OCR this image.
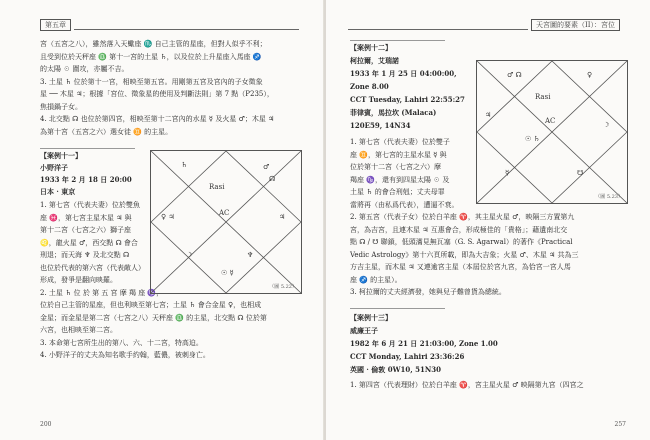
第五章
宮（五宮之八），雖然落入天蠍座 ♏ 自己主管的星座，但對人似乎不利；
且受到位於天秤座 ♎ 第十一宮的土星 ♄，以及位於上升星座入馬座 ♐
的太陽 ☉ 圍攻，亦屬不吉。
3. 土星 ♄ 位於第十一宮，相映至第五宮。用剛第五宮及宮內的子女徵象
星 ── 木星 ♃；根據「宮位、徵象星的使用及判斷法則」第 7 點（P235），
焦損鍋子女。
4. 北交點 ☊ 也位於第四宮，相映至第十二宮內的水星 ☿ 及火星 ♂；木星 ♃
為第十宮（五宮之六）選女徒 ♊ 的主星。
【案例十一】
小野洋子
1933 年 2 月 18 日 20:00
日本 · 東京
1. 第七宮（代表夫妻）位於雙魚
座 ♓，第七宮主星木星 ♃ 與
第十二宮（七宮之六）獅子座
♌，龍火星 ♂，西交點 ☊ 會合
刑退；而天海 ♆ 及北交點 ☊
也位於代表的第六宮（代表敵人）
形成，發爭是翻向映羅。
2. 土星 ♄ 位 於 第 五 宮 摩 羯 座 ♑，
位於自己主管的星座，但也利映至第七宮；土星 ♄ 會合金星 ♀，也相成
金星；而金星是第二宮（七宮之八）天秤座 ♎ 的主星，北交點 ☊ 位於第
六宮，也相映至第二宮。
3. 本命第七宮所生出的第八、六、十二宮，特高迫。
4. 小野洋子的丈夫為知名歌手約翰，藍儂，被刺身亡。
Rasi
AC
♄	♂
☊
♀ ♃	♃
☽	♆
☉ ☿
（圖 5.22）
200
天宮圖的要素（II）：宮位
【案例十二】
柯拉爾，艾瑞諾
1933 年 1 月 25 日 04:00:00,
Zone 8.00
CCT Tuesday, Lahiri 22:55:27
菲律賓，馬拉坎 (Malaca)
120E59, 14N34
1. 第七宮（代表夫妻）位於雙子
座 ♊，第七宮的主星水星 ☿ 與
位於第十二宮（七宮之六）摩
羯座 ♑，還有到四星太陽 ☉ 及
土星 ♄ 的會合刑剋；丈夫母罪
當將再（由私爲代表），遭逼不衰。
2. 第五宮（代表子女）位於白羊座 ♈，其主星火星 ♂，映隔三方置第九
宮，為吉宮，且連木星 ♃ 互惠會合，形成極佳的「貴格」；藉遺南北交
點 ☊ / ☋ 聯鎖，低頭滿見無瓦塞（G. S. Agarwal）的著作《Practical
Vedic Astrology》第十六頁所載，即為大吉象；火星 ♂、木星 ♃ 共為三
方吉主星，而木星 ♃ 又連逾宮主星（本屆位於宮九宮，為恰宮一宮人馬
座 ♐ 的主星）。
3. 柯拉爾的丈夫經濟發，她與兒子難曾貨為總統。
Rasi
AC
♂ ☊	♀
♃
☉ ♄
☽
☿	☋
（圖 5.23）
【案例十三】
威廉王子
1982 年 6 月 21 日 21:03:00, Zone 1.00
CCT Monday, Lahiri 23:36:26
英國 · 倫敦 0W10, 51N30
1. 第四宮（代表理財）位於白羊座 ♈，宮主星火星 ♂ 映隔第九宮（四宮之
257
